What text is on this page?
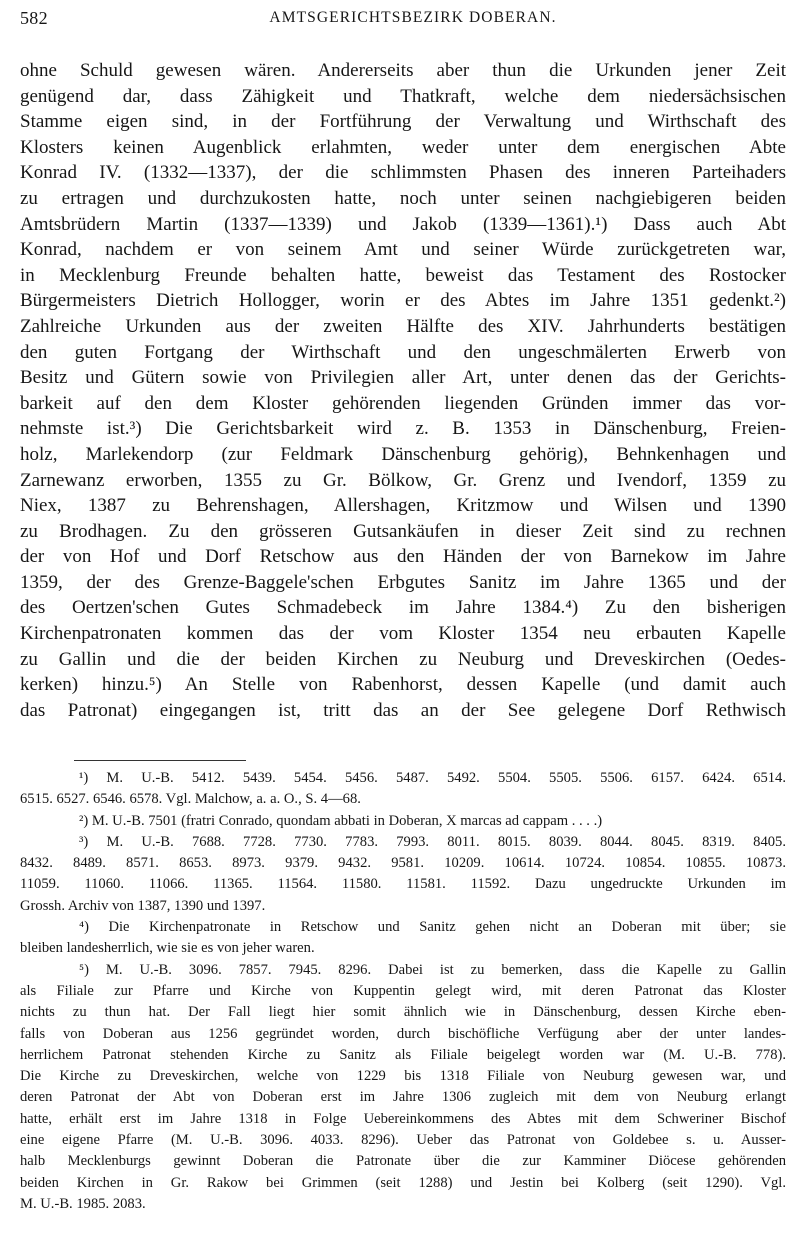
582	AMTSGERICHTSBEZIRK DOBERAN.
ohne Schuld gewesen wären. Andererseits aber thun die Urkunden jener Zeit
genügend dar, dass Zähigkeit und Thatkraft, welche dem niedersächsischen
Stamme eigen sind, in der Fortführung der Verwaltung und Wirthschaft des
Klosters keinen Augenblick erlahmten, weder unter dem energischen Abte
Konrad IV. (1332—1337), der die schlimmsten Phasen des inneren Parteihaders
zu ertragen und durchzukosten hatte, noch unter seinen nachgiebigeren beiden
Amtsbrüdern Martin (1337—1339) und Jakob (1339—1361).¹) Dass auch Abt
Konrad, nachdem er von seinem Amt und seiner Würde zurückgetreten war,
in Mecklenburg Freunde behalten hatte, beweist das Testament des Rostocker
Bürgermeisters Dietrich Hollogger, worin er des Abtes im Jahre 1351 gedenkt.²)
Zahlreiche Urkunden aus der zweiten Hälfte des XIV. Jahrhunderts bestätigen
den guten Fortgang der Wirthschaft und den ungeschmälerten Erwerb von
Besitz und Gütern sowie von Privilegien aller Art, unter denen das der Gerichts-
barkeit auf den dem Kloster gehörenden liegenden Gründen immer das vor-
nehmste ist.³) Die Gerichtsbarkeit wird z. B. 1353 in Dänschenburg, Freien-
holz, Marlekendorp (zur Feldmark Dänschenburg gehörig), Behnkenhagen und
Zarnewanz erworben, 1355 zu Gr. Bölkow, Gr. Grenz und Ivendorf, 1359 zu
Niex, 1387 zu Behrenshagen, Allershagen, Kritzmow und Wilsen und 1390
zu Brodhagen. Zu den grösseren Gutsankäufen in dieser Zeit sind zu rechnen
der von Hof und Dorf Retschow aus den Händen der von Barnekow im Jahre
1359, der des Grenze-Baggele'schen Erbgutes Sanitz im Jahre 1365 und der
des Oertzen'schen Gutes Schmadebeck im Jahre 1384.⁴) Zu den bisherigen
Kirchenpatronaten kommen das der vom Kloster 1354 neu erbauten Kapelle
zu Gallin und die der beiden Kirchen zu Neuburg und Dreveskirchen (Oedes-
kerken) hinzu.⁵) An Stelle von Rabenhorst, dessen Kapelle (und damit auch
das Patronat) eingegangen ist, tritt das an der See gelegene Dorf Rethwisch
¹) M. U.-B. 5412. 5439. 5454. 5456. 5487. 5492. 5504. 5505. 5506. 6157. 6424. 6514.
6515. 6527. 6546. 6578. Vgl. Malchow, a. a. O., S. 4—68.
²) M. U.-B. 7501 (fratri Conrado, quondam abbati in Doberan, X marcas ad cappam . . . .)
³) M. U.-B. 7688. 7728. 7730. 7783. 7993. 8011. 8015. 8039. 8044. 8045. 8319. 8405.
8432. 8489. 8571. 8653. 8973. 9379. 9432. 9581. 10209. 10614. 10724. 10854. 10855. 10873.
11059. 11060. 11066. 11365. 11564. 11580. 11581. 11592. Dazu ungedruckte Urkunden im
Grossh. Archiv von 1387, 1390 und 1397.
⁴) Die Kirchenpatronate in Retschow und Sanitz gehen nicht an Doberan mit über; sie
bleiben landesherrlich, wie sie es von jeher waren.
⁵) M. U.-B. 3096. 7857. 7945. 8296. Dabei ist zu bemerken, dass die Kapelle zu Gallin
als Filiale zur Pfarre und Kirche von Kuppentin gelegt wird, mit deren Patronat das Kloster
nichts zu thun hat. Der Fall liegt hier somit ähnlich wie in Dänschenburg, dessen Kirche eben-
falls von Doberan aus 1256 gegründet worden, durch bischöfliche Verfügung aber der unter landes-
herrlichem Patronat stehenden Kirche zu Sanitz als Filiale beigelegt worden war (M. U.-B. 778).
Die Kirche zu Dreveskirchen, welche von 1229 bis 1318 Filiale von Neuburg gewesen war, und
deren Patronat der Abt von Doberan erst im Jahre 1306 zugleich mit dem von Neuburg erlangt
hatte, erhält erst im Jahre 1318 in Folge Uebereinkommens des Abtes mit dem Schweriner Bischof
eine eigene Pfarre (M. U.-B. 3096. 4033. 8296). Ueber das Patronat von Goldebee s. u. Ausser-
halb Mecklenburgs gewinnt Doberan die Patronate über die zur Kamminer Diöcese gehörenden
beiden Kirchen in Gr. Rakow bei Grimmen (seit 1288) und Jestin bei Kolberg (seit 1290). Vgl.
M. U.-B. 1985. 2083.
